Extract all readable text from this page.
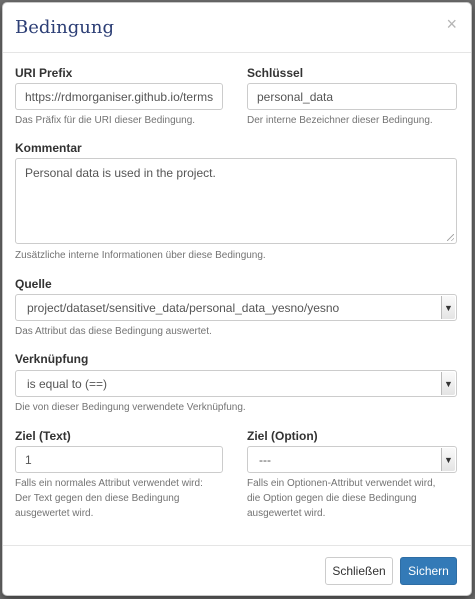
Bedingung	×
URI Prefix
https://rdmorganiser.github.io/terms
Das Präfix für die URI dieser Bedingung.
Schlüssel
personal_data
Der interne Bezeichner dieser Bedingung.
Kommentar
Personal data is used in the project.
Zusätzliche interne Informationen über diese Bedingung.
Quelle
project/dataset/sensitive_data/personal_data_yesno/yesno	▼
Das Attribut das diese Bedingung auswertet.
Verknüpfung
is equal to (==)	▼
Die von dieser Bedingung verwendete Verknüpfung.
Ziel (Text)
1
Falls ein normales Attribut verwendet wird:
Der Text gegen den diese Bedingung
ausgewertet wird.
Ziel (Option)
---	▼
Falls ein Optionen-Attribut verwendet wird,
die Option gegen die diese Bedingung
ausgewertet wird.
Schließen	Sichern
